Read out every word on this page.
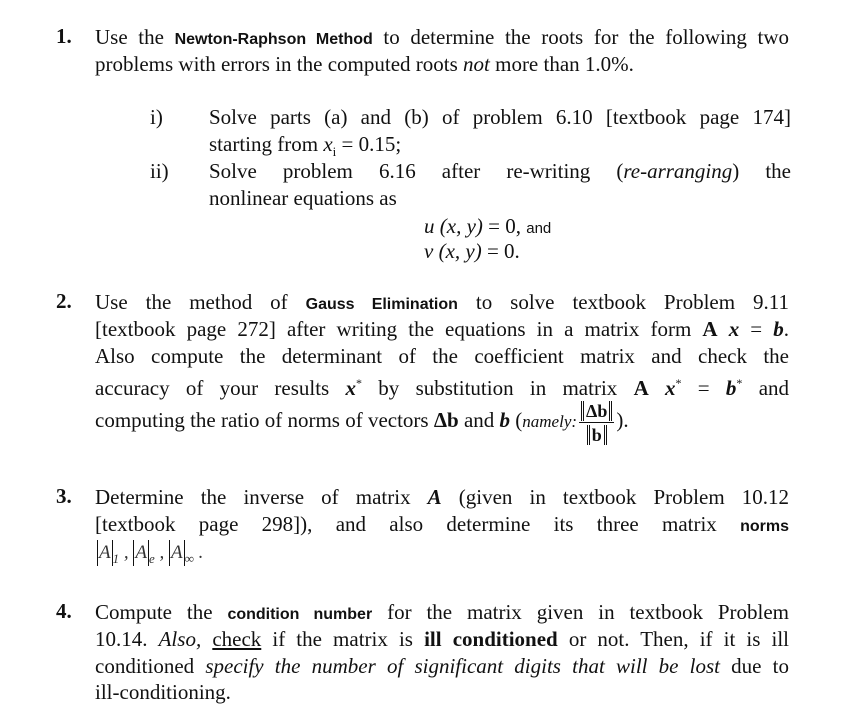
1. Use the Newton-Raphson Method to determine the roots for the following two
problems with errors in the computed roots not more than 1.0%.
i) Solve parts (a) and (b) of problem 6.10 [textbook page 174]
starting from $x_i = 0.15$;
ii) Solve problem 6.16 after re-writing (re-arranging) the
nonlinear equations as
u (x, y) = 0, and
v (x, y) = 0.
2. Use the method of Gauss Elimination to solve textbook Problem 9.11
[textbook page 272] after writing the equations in a matrix form A x = b.
Also compute the determinant of the coefficient matrix and check the
accuracy of your results x* by substitution in matrix A x* = b* and
computing the ratio of norms of vectors Δb and b (namely: $\frac{\Delta b}{b}$ ).
3. Determine the inverse of matrix A (given in textbook Problem 10.12
[textbook page 298]), and also determine its three matrix norms
A $_1$ , A $_e$ , A $_\infty$ .
4. Compute the condition number for the matrix given in textbook Problem
10.14. Also, check if the matrix is ill conditioned or not. Then, if it is ill
conditioned specify the number of significant digits that will be lost due to
ill-conditioning.
